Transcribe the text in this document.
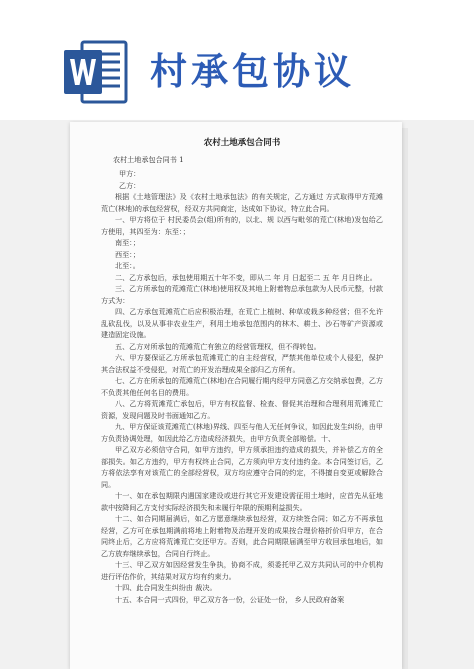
村承包协议
农村土地承包合同书

农村土地承包合同书 1

甲方：

乙方：

根据《土地管理法》及《农村土地承包法》的有关规定，乙方通过 方式取得甲方荒滩荒亡(林地)的承包经营权，经双方共同商定，达成如下协议，特立此合同。

一、甲方将位于 村民委员会(组)所有的，以北、规 以西与毗邻的荒亡(林地)发包给乙方使用，其四至为：东至：；

南至：；

西至：；

北至：。

二、乙方承包后，承包使用期五十年不变，即从二 年 月 日起至二 五 年 月日终止。

三、乙方所承包的荒滩荒亡(林地)使用权及其地上附着物总承包款为人民币元整，付款方式为：

四、乙方承包荒滩荒亡后应积极治理，在荒亡上植树、种草或栽多种经营；但不允许乱砍乱伐，以及从事非农业生产，利用土地承包范围内的林木、耕土、沙石等矿产资源或建造固定设施。

五、乙方对所承包的荒滩荒亡有独立的经营管理权，但不得转包。

六、甲方要保证乙方所承包荒滩荒亡的自主经营权，严禁其他单位或个人侵犯，保护其合法权益不受侵犯，对荒亡的开发治理成果全部归乙方所有。

七、乙方在所承包的荒滩荒亡(林地)在合同履行期内经甲方同意乙方交纳承包费，乙方不负责其他任何名目的费用。

八、乙方将荒滩荒亡承包后，甲方有权监督、检查、督促其治理和合理利用荒滩荒亡资源，发现问题及时书面通知乙方。

九、甲方保证该荒滩荒亡(林地)界线、四至与他人无任何争议，如因此发生纠纷，由甲方负责协调处理，如因此给乙方造成经济损失，由甲方负责全部赔偿。十、

甲乙双方必须信守合同，如甲方违约，甲方须承担违约造成的损失，并补偿乙方的全部损失。如乙方违约，甲方有权终止合同，乙方须向甲方支付违约金。本合同签订后，乙方将依法享有对该荒亡的全部经营权，双方均应遵守合同的约定，不得擅自变更或解除合同。

十一、如在承包期限内遇国家建设或进行其它开发建设需征用土地时，应首先从征地款中按降间乙方支付实际经济损失和未履行年限的预期利益损失。

十二、如合同期届满后，如乙方愿意继续承包经营，双方续签合同；如乙方不再承包经营，乙方可在承包期满前将地上附着物及治理开发的成果按合理价格折价归甲方，在合同终止后，乙方应将荒滩荒亡交还甲方。否则，此合同期限届满至甲方收回承包地后，如乙方放弃继续承包，合同自行终止。

十三、甲乙双方如因经营发生争执，协商不成，须委托甲乙双方共同认可的中介机构进行评估作价，其结果对双方均有约束力。

十四、此合同发生纠纷由 裁决。

十五、本合同一式四份，甲乙双方各一份，公证处一份， 乡人民政府备案
